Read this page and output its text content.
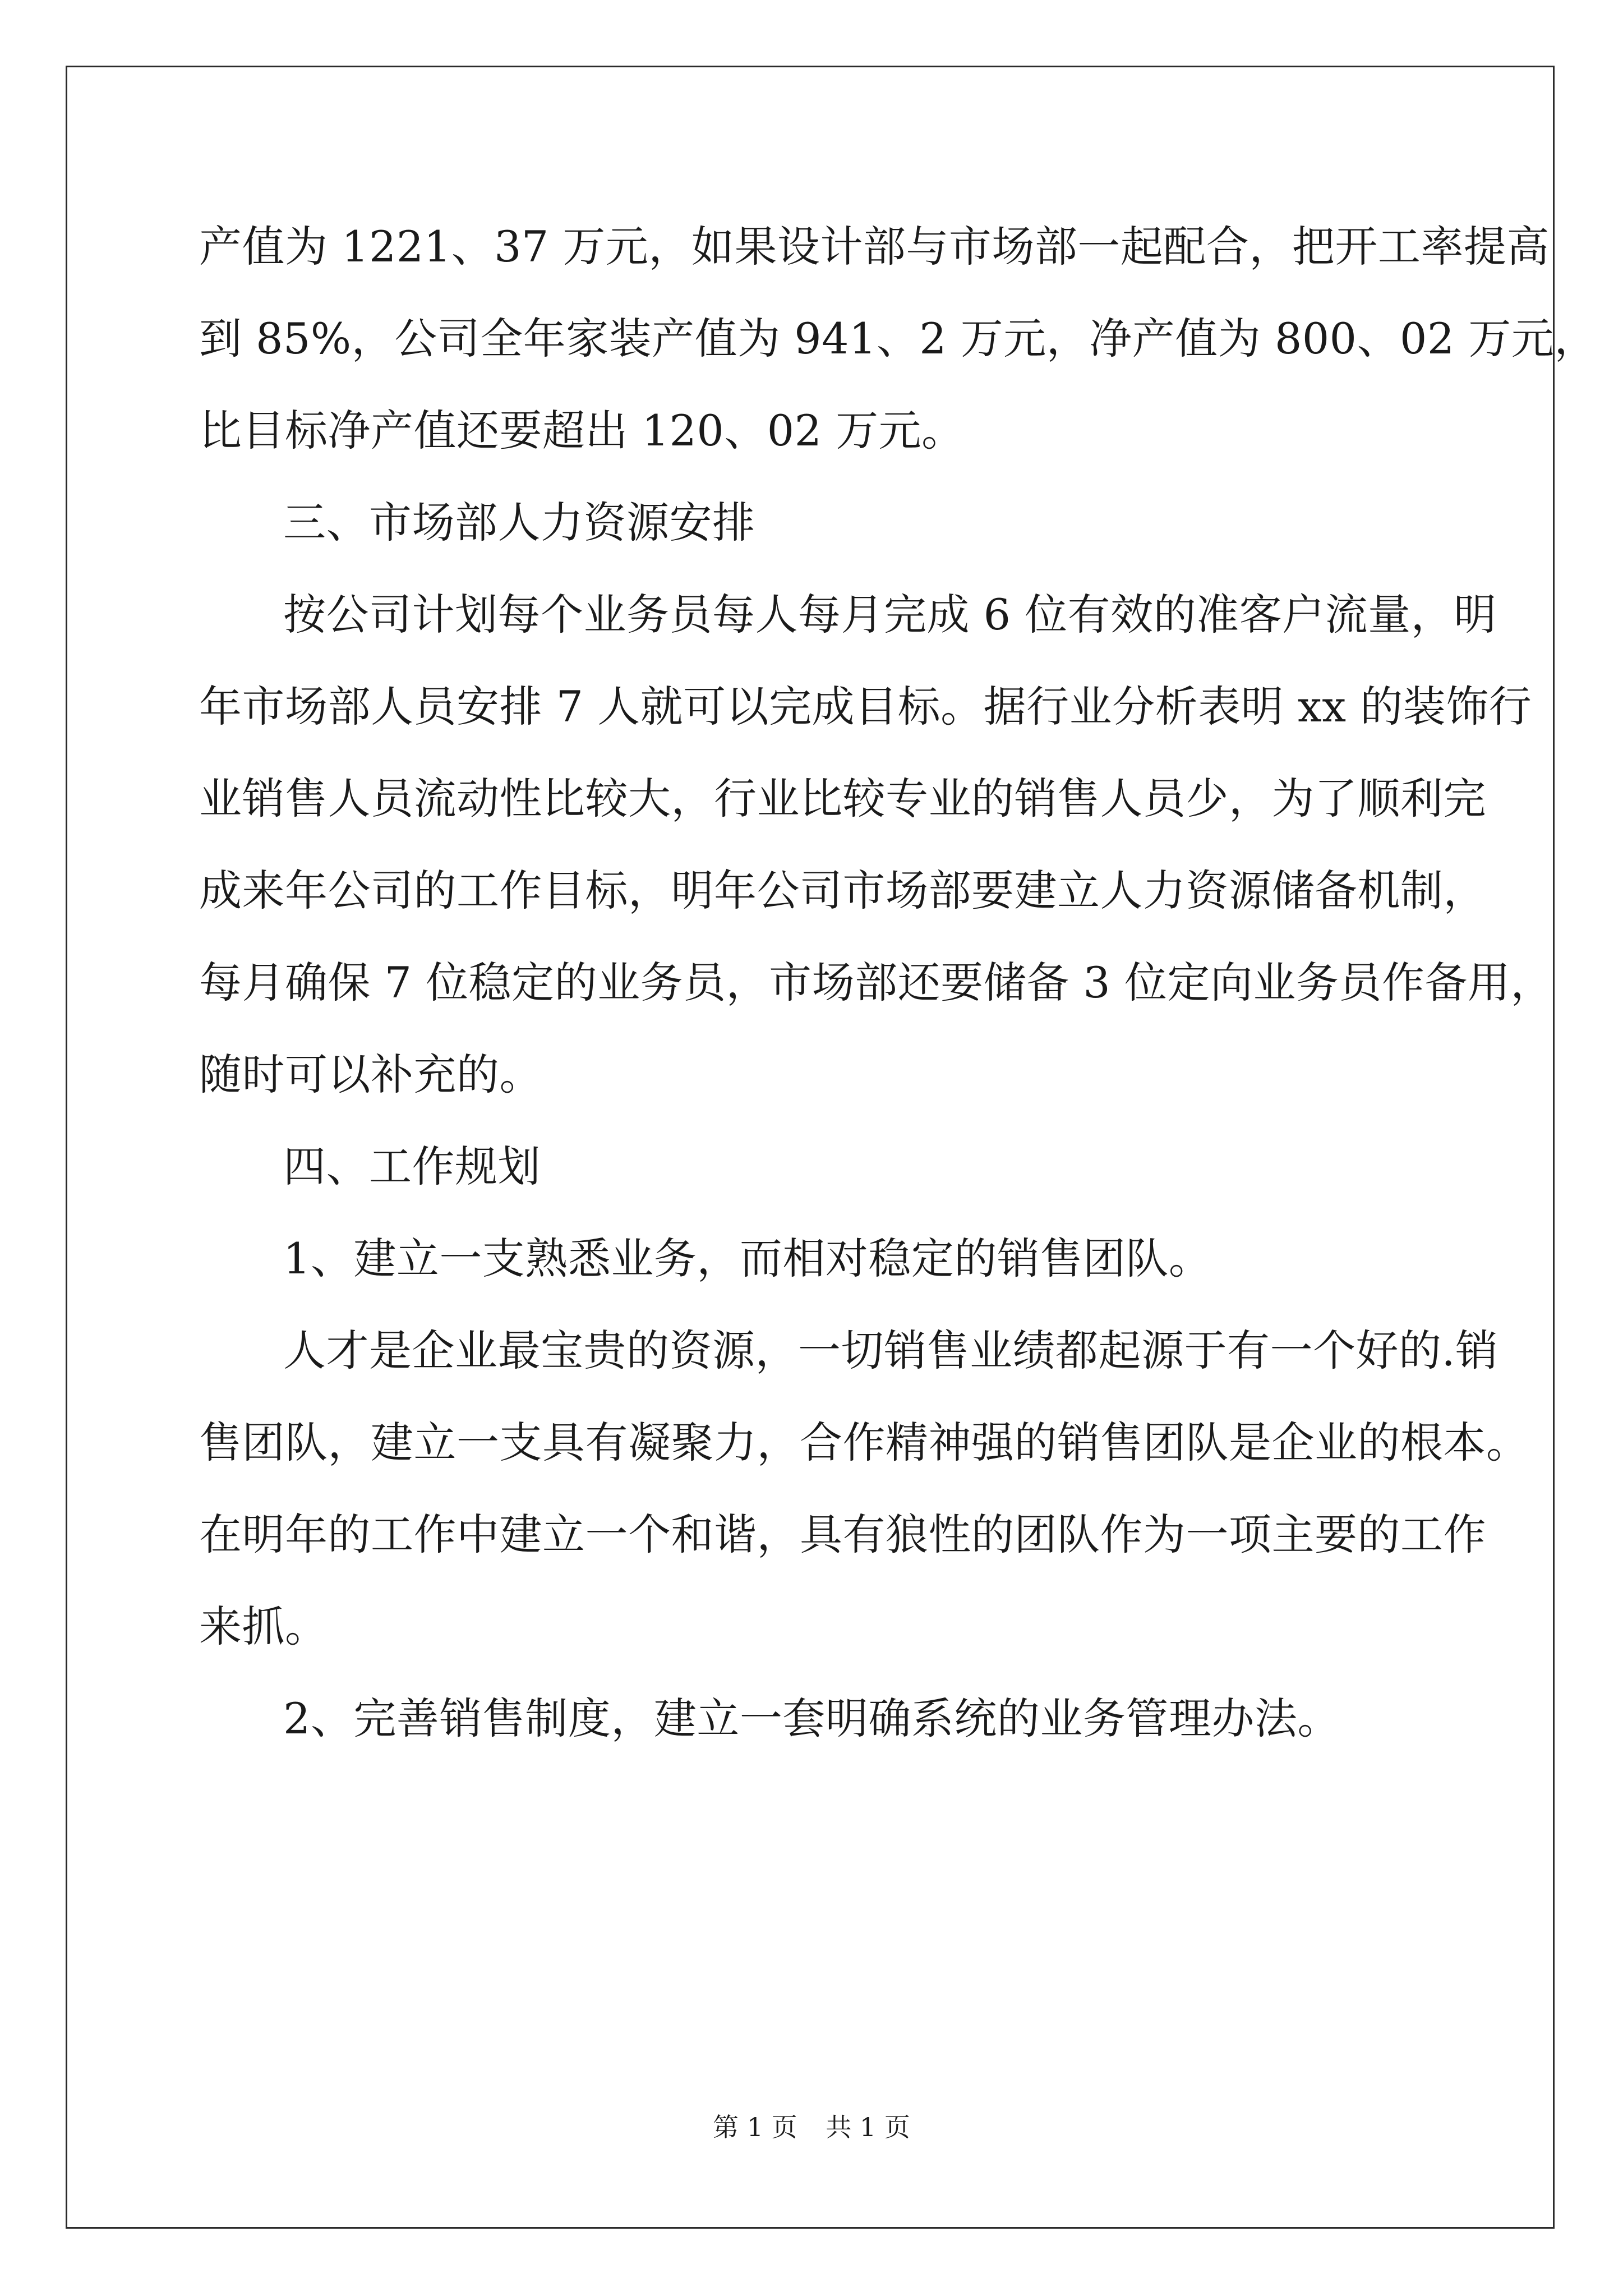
产值为 1221、37 万元，如果设计部与市场部一起配合，把开工率提高
到 85%，公司全年家装产值为 941、2 万元，净产值为 800、02 万元，
比目标净产值还要超出 120、02 万元。
三、市场部人力资源安排
按公司计划每个业务员每人每月完成 6 位有效的准客户流量，明
年市场部人员安排 7 人就可以完成目标。据行业分析表明 xx 的装饰行
业销售人员流动性比较大，行业比较专业的销售人员少，为了顺利完
成来年公司的工作目标，明年公司市场部要建立人力资源储备机制，
每月确保 7 位稳定的业务员，市场部还要储备 3 位定向业务员作备用，
随时可以补充的。
四、工作规划
1、建立一支熟悉业务，而相对稳定的销售团队。
人才是企业最宝贵的资源，一切销售业绩都起源于有一个好的.销
售团队，建立一支具有凝聚力，合作精神强的销售团队是企业的根本。
在明年的工作中建立一个和谐，具有狼性的团队作为一项主要的工作
来抓。
2、完善销售制度，建立一套明确系统的业务管理办法。
第 1 页 共 1 页
